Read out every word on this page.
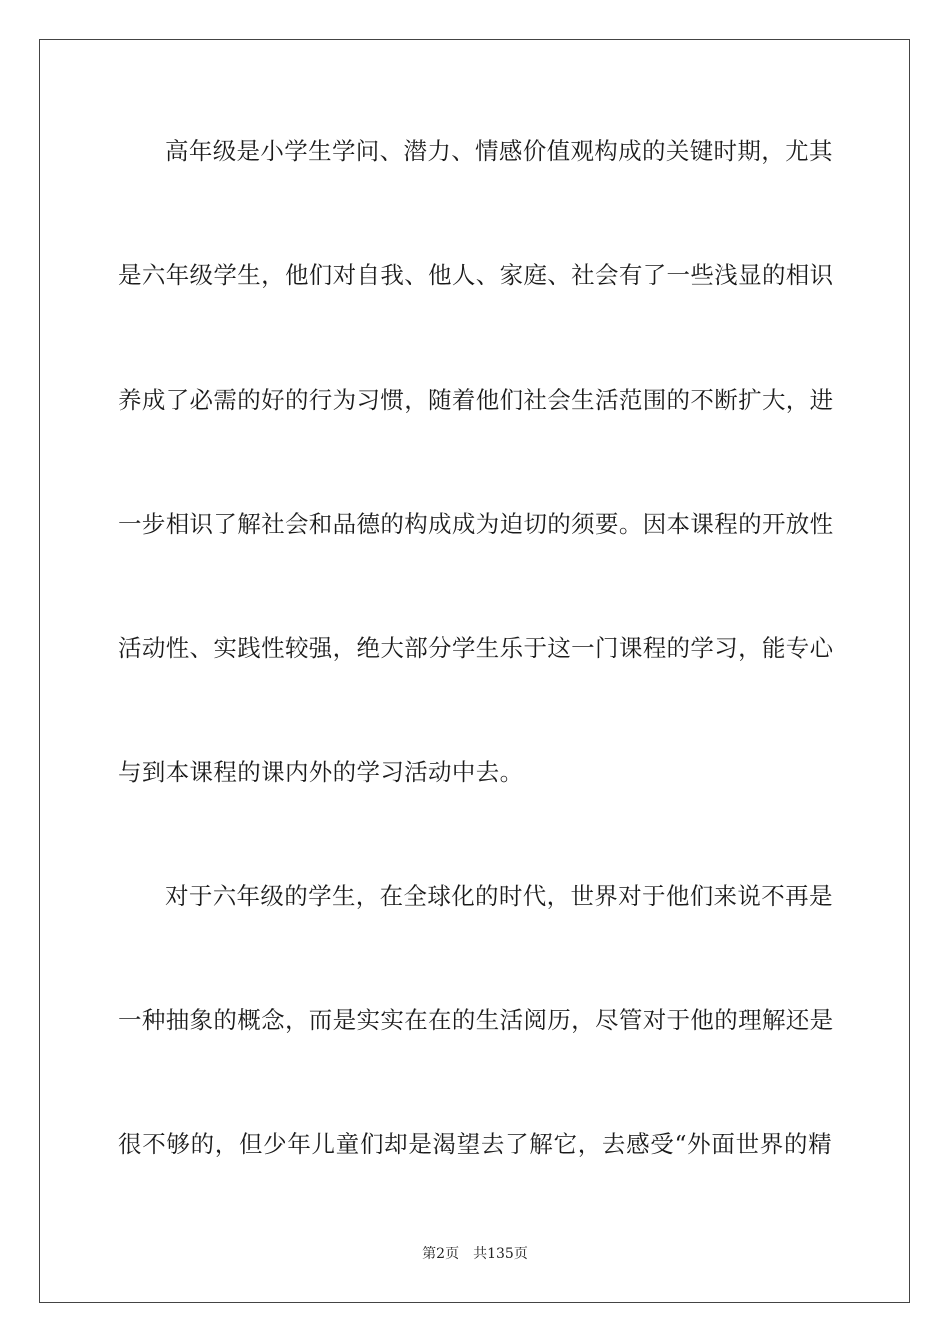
高年级是小学生学问、潜力、情感价值观构成的关键时期，尤其
是六年级学生，他们对自我、他人、家庭、社会有了一些浅显的相识
养成了必需的好的行为习惯，随着他们社会生活范围的不断扩大，进
一步相识了解社会和品德的构成成为迫切的须要。因本课程的开放性
活动性、实践性较强，绝大部分学生乐于这一门课程的学习，能专心
与到本课程的课内外的学习活动中去。
对于六年级的学生，在全球化的时代，世界对于他们来说不再是
一种抽象的概念，而是实实在在的生活阅历，尽管对于他的理解还是
很不够的，但少年儿童们却是渴望去了解它，去感受“外面世界的精
第2页 共135页
